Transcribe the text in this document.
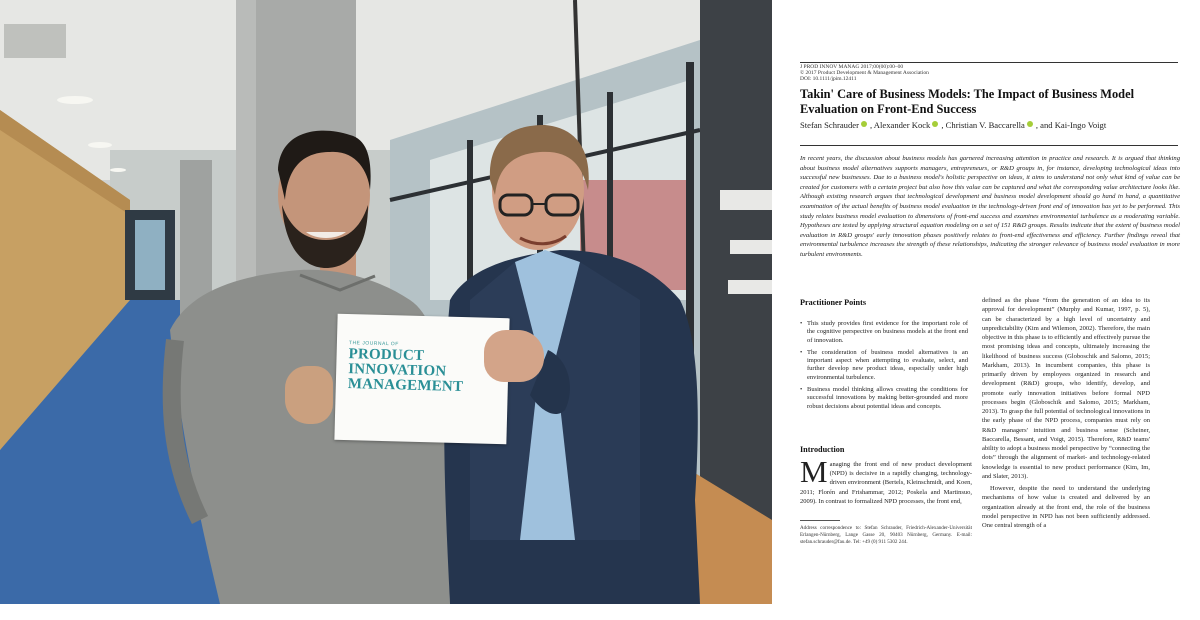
THE JOURNAL OF
PRODUCT
INNOVATION
MANAGEMENT
J PROD INNOV MANAG 2017;00(00):00–00
© 2017 Product Development & Management Association
DOI: 10.1111/jpim.12411
Takin' Care of Business Models: The Impact of Business Model Evaluation on Front-End Success
Stefan Schrauder , Alexander Kock , Christian V. Baccarella , and Kai-Ingo Voigt
In recent years, the discussion about business models has garnered increasing attention in practice and research. It is argued that thinking about business model alternatives supports managers, entrepreneurs, or R&D groups in, for instance, developing technological ideas into successful new businesses. Due to a business model's holistic perspective on ideas, it aims to understand not only what kind of value can be created for customers with a certain project but also how this value can be captured and what the corresponding value architecture looks like. Although existing research argues that technological development and business model development should go hand in hand, a quantitative examination of the actual benefits of business model evaluation in the technology-driven front end of innovation has yet to be performed. This study relates business model evaluation to dimensions of front-end success and examines environmental turbulence as a moderating variable. Hypotheses are tested by applying structural equation modeling on a set of 151 R&D groups. Results indicate that the extent of business model evaluation in R&D groups' early innovation phases positively relates to front-end effectiveness and efficiency. Further findings reveal that environmental turbulence increases the strength of these relationships, indicating the stronger relevance of business model evaluation in more turbulent environments.
Practitioner Points
• This study provides first evidence for the important role of the cognitive perspective on business models at the front end of innovation.
• The consideration of business model alternatives is an important aspect when attempting to evaluate, select, and further develop new product ideas, especially under high environmental turbulence.
• Business model thinking allows creating the conditions for successful innovations by making better-grounded and more robust decisions about potential ideas and concepts.
Introduction
Managing the front end of new product development (NPD) is decisive in a rapidly changing, technology-driven environment (Bertels, Kleinschmidt, and Koen, 2011; Florén and Frishammar, 2012; Poskela and Martinsuo, 2009). In contrast to formalized NPD processes, the front end,
Address correspondence to: Stefan Schrauder, Friedrich-Alexander-Universität Erlangen-Nürnberg, Lange Gasse 20, 90403 Nürnberg, Germany. E-mail: stefan.schrauder@fau.de. Tel: +49 (0) 911 5302 244.

defined as the phase “from the generation of an idea to its approval for development” (Murphy and Kumar, 1997, p. 5), can be characterized by a high level of uncertainty and unpredictability (Kim and Wilemon, 2002). Therefore, the main objective in this phase is to efficiently and effectively pursue the most promising ideas and concepts, ultimately increasing the likelihood of business success (Globoschik and Salomo, 2015; Markham, 2013). In incumbent companies, this phase is primarily driven by employees organized in research and development (R&D) groups, who identify, develop, and promote early innovation initiatives before formal NPD processes begin (Globoschik and Salomo, 2015; Markham, 2013). To grasp the full potential of technological innovations in the early phase of the NPD process, companies must rely on R&D managers' intuition and business sense (Scheiner, Baccarella, Bessant, and Voigt, 2015). Therefore, R&D teams' ability to adopt a business model perspective by “connecting the dots” through the alignment of market- and technology-related knowledge is essential to new product performance (Kim, Im, and Slater, 2013).

However, despite the need to understand the underlying mechanisms of how value is created and delivered by an organization already at the front end, the role of the business model perspective in NPD has not been sufficiently addressed. One central strength of a
